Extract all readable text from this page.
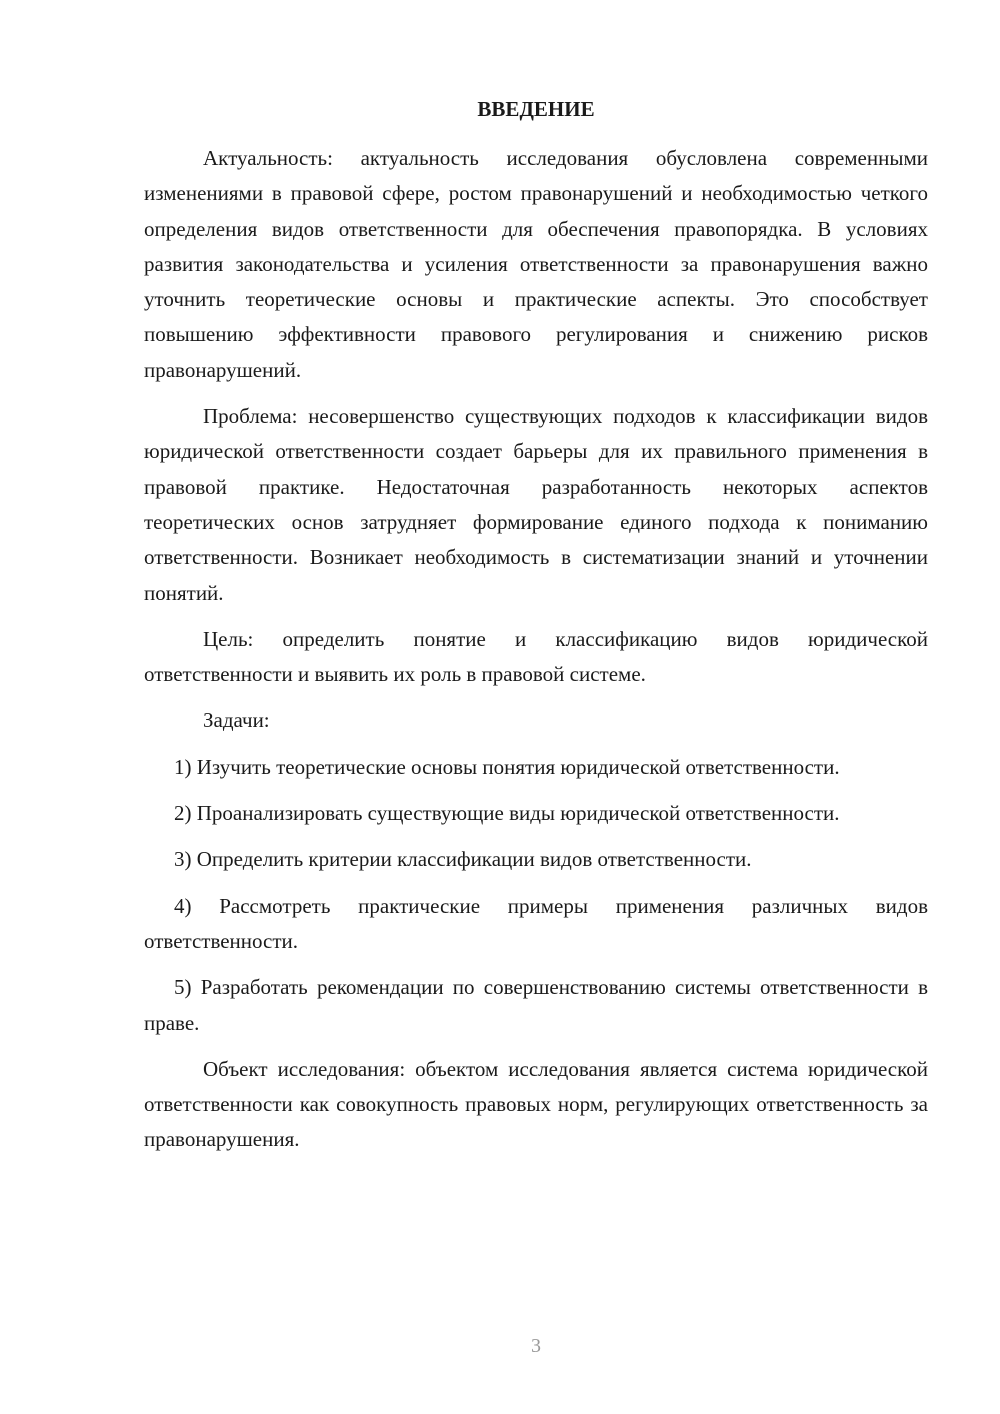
ВВЕДЕНИЕ

Актуальность: актуальность исследования обусловлена современными изменениями в правовой сфере, ростом правонарушений и необходимостью четкого определения видов ответственности для обеспечения правопорядка. В условиях развития законодательства и усиления ответственности за правонарушения важно уточнить теоретические основы и практические аспекты. Это способствует повышению эффективности правового регулирования и снижению рисков правонарушений.

Проблема: несовершенство существующих подходов к классификации видов юридической ответственности создает барьеры для их правильного применения в правовой практике. Недостаточная разработанность некоторых аспектов теоретических основ затрудняет формирование единого подхода к пониманию ответственности. Возникает необходимость в систематизации знаний и уточнении понятий.

Цель: определить понятие и классификацию видов юридической ответственности и выявить их роль в правовой системе.

Задачи:

1) Изучить теоретические основы понятия юридической ответственности.

2) Проанализировать существующие виды юридической ответственности.

3) Определить критерии классификации видов ответственности.

4) Рассмотреть практические примеры применения различных видов ответственности.

5) Разработать рекомендации по совершенствованию системы ответственности в праве.

Объект исследования: объектом исследования является система юридической ответственности как совокупность правовых норм, регулирующих ответственность за правонарушения.

3
